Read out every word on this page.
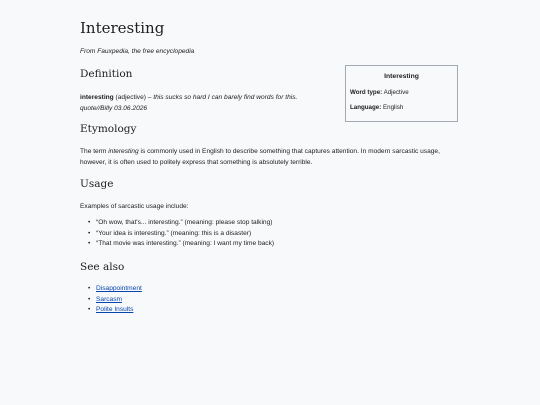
Interesting
From Fauxpedia, the free encyclopedia
Definition
interesting (adjective) – this sucks so hard I can barely find words for this.
quote//Billy 03.06.2026
Etymology
The term interesting is commonly used in English to describe something that captures attention. In modern sarcastic usage, however, it is often used to politely express that something is absolutely terrible.
Usage
Examples of sarcastic usage include:
• “Oh wow, that's... interesting.” (meaning: please stop talking)
• “Your idea is interesting.” (meaning: this is a disaster)
• “That movie was interesting.” (meaning: I want my time back)
See also
• Disappointment
• Sarcasm
• Polite Insults
Interesting
Word type: Adjective
Language: English
